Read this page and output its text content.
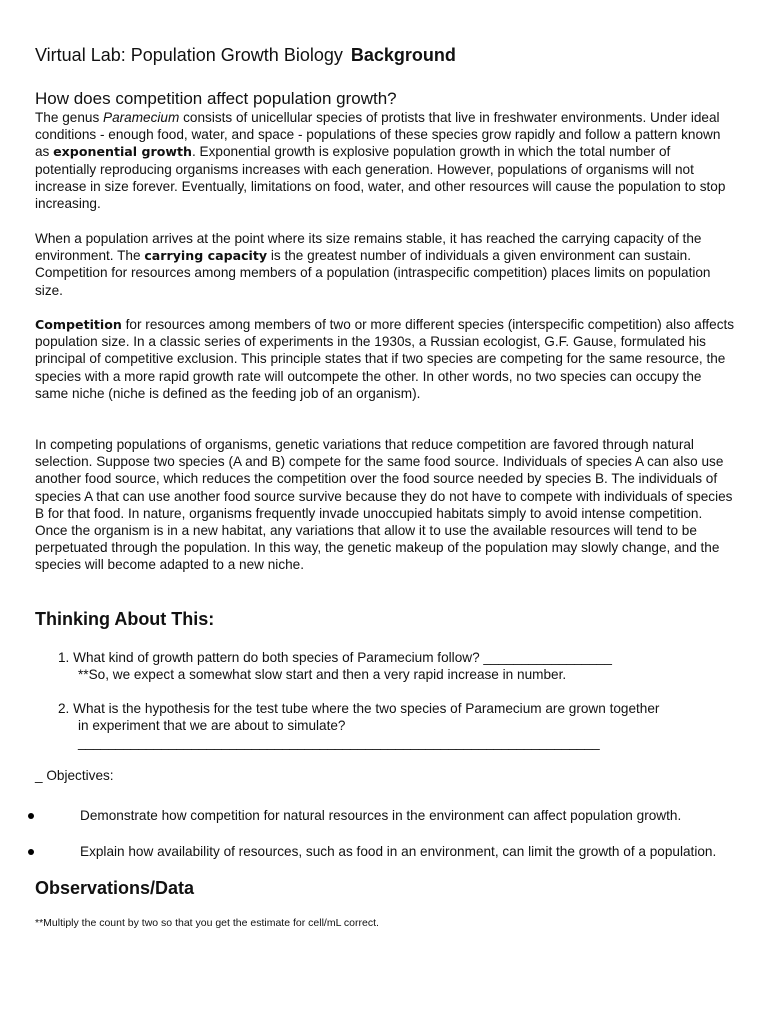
Virtual Lab: Population Growth Biology Background
How does competition affect population growth?

The genus Paramecium consists of unicellular species of protists that live in freshwater environments. Under ideal conditions - enough food, water, and space - populations of these species grow rapidly and follow a pattern known as exponential growth. Exponential growth is explosive population growth in which the total number of potentially reproducing organisms increases with each generation. However, populations of organisms will not increase in size forever. Eventually, limitations on food, water, and other resources will cause the population to stop increasing.

When a population arrives at the point where its size remains stable, it has reached the carrying capacity of the environment. The carrying capacity is the greatest number of individuals a given environment can sustain. Competition for resources among members of a population (intraspecific competition) places limits on population size.

Competition for resources among members of two or more different species (interspecific competition) also affects population size. In a classic series of experiments in the 1930s, a Russian ecologist, G.F. Gause, formulated his principal of competitive exclusion. This principle states that if two species are competing for the same resource, the species with a more rapid growth rate will outcompete the other. In other words, no two species can occupy the same niche (niche is defined as the feeding job of an organism).

In competing populations of organisms, genetic variations that reduce competition are favored through natural selection. Suppose two species (A and B) compete for the same food source. Individuals of species A can also use another food source, which reduces the competition over the food source needed by species B. The individuals of species A that can use another food source survive because they do not have to compete with individuals of species B for that food. In nature, organisms frequently invade unoccupied habitats simply to avoid intense competition. Once the organism is in a new habitat, any variations that allow it to use the available resources will tend to be perpetuated through the population. In this way, the genetic makeup of the population may slowly change, and the species will become adapted to a new niche.

Thinking About This:
1. What kind of growth pattern do both species of Paramecium follow? _________________
**So, we expect a somewhat slow start and then a very rapid increase in number.
2. What is the hypothesis for the test tube where the two species of Paramecium are grown together
in experiment that we are about to simulate?
_____________________________________________________________________
_ Objectives:
Demonstrate how competition for natural resources in the environment can affect population growth.
Explain how availability of resources, such as food in an environment, can limit the growth of a population.
Observations/Data
**Multiply the count by two so that you get the estimate for cell/mL correct.
